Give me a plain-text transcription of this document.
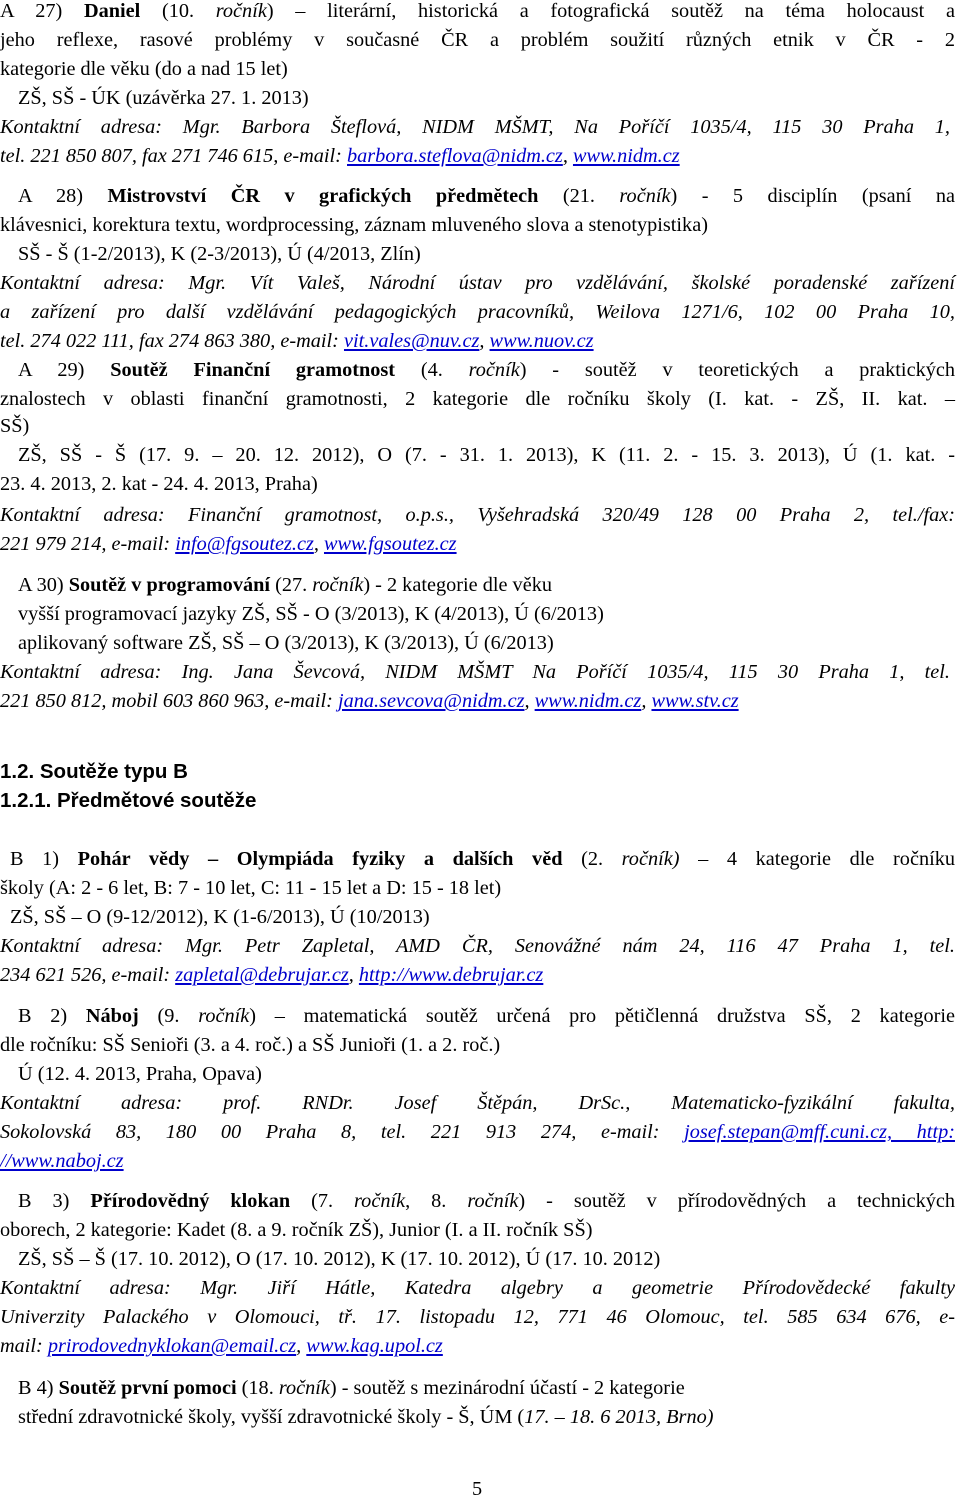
A 27) Daniel (10. ročník) – literární, historická a fotografická soutěž na téma holocaust a
jeho reflexe, rasové problémy v současné ČR a problém soužití různých etnik v ČR - 2
kategorie dle věku (do a nad 15 let)
ZŠ, SŠ - ÚK (uzávěrka 27. 1. 2013)
Kontaktní adresa: Mgr. Barbora Šteflová, NIDM MŠMT, Na Poříčí 1035/4, 115 30 Praha 1,
tel. 221 850 807, fax 271 746 615, e-mail: barbora.steflova@nidm.cz, www.nidm.cz
A 28) Mistrovství ČR v grafických předmětech (21. ročník) - 5 disciplín (psaní na
klávesnici, korektura textu, wordprocessing, záznam mluveného slova a stenotypistika)
SŠ - Š (1-2/2013), K (2-3/2013), Ú (4/2013, Zlín)
Kontaktní adresa: Mgr. Vít Valeš, Národní ústav pro vzdělávání, školské poradenské zařízení
a zařízení pro další vzdělávání pedagogických pracovníků, Weilova 1271/6, 102 00 Praha 10,
tel. 274 022 111, fax 274 863 380, e-mail: vit.vales@nuv.cz, www.nuov.cz
A 29) Soutěž Finanční gramotnost (4. ročník) - soutěž v teoretických a praktických
znalostech v oblasti finanční gramotnosti, 2 kategorie dle ročníku školy (I. kat. - ZŠ, II. kat. –
SŠ)
ZŠ, SŠ - Š (17. 9. – 20. 12. 2012), O (7. - 31. 1. 2013), K (11. 2. - 15. 3. 2013), Ú (1. kat. -
23. 4. 2013, 2. kat - 24. 4. 2013, Praha)
Kontaktní adresa: Finanční gramotnost, o.p.s., Vyšehradská 320/49 128 00 Praha 2, tel./fax:
221 979 214, e-mail: info@fgsoutez.cz, www.fgsoutez.cz
A 30) Soutěž v programování (27. ročník) - 2 kategorie dle věku
vyšší programovací jazyky ZŠ, SŠ - O (3/2013), K (4/2013), Ú (6/2013)
aplikovaný software ZŠ, SŠ – O (3/2013), K (3/2013), Ú (6/2013)
Kontaktní adresa: Ing. Jana Ševcová, NIDM MŠMT Na Poříčí 1035/4, 115 30 Praha 1, tel.
221 850 812, mobil 603 860 963, e-mail: jana.sevcova@nidm.cz, www.nidm.cz, www.stv.cz
1.2. Soutěže typu B
1.2.1. Předmětové soutěže
B 1) Pohár vědy – Olympiáda fyziky a dalších věd (2. ročník) – 4 kategorie dle ročníku
školy (A: 2 - 6 let, B: 7 - 10 let, C: 11 - 15 let a D: 15 - 18 let)
ZŠ, SŠ – O (9-12/2012), K (1-6/2013), Ú (10/2013)
Kontaktní adresa: Mgr. Petr Zapletal, AMD ČR, Senovážné nám 24, 116 47 Praha 1, tel.
234 621 526, e-mail: zapletal@debrujar.cz, http://www.debrujar.cz
B 2) Náboj (9. ročník) – matematická soutěž určená pro pětičlenná družstva SŠ, 2 kategorie
dle ročníku: SŠ Senioři (3. a 4. roč.) a SŠ Junioři (1. a 2. roč.)
Ú (12. 4. 2013, Praha, Opava)
Kontaktní adresa: prof. RNDr. Josef Štěpán, DrSc., Matematicko-fyzikální fakulta,
Sokolovská 83, 180 00 Praha 8, tel. 221 913 274, e-mail: josef.stepan@mff.cuni.cz, http:
//www.naboj.cz
B 3) Přírodovědný klokan (7. ročník, 8. ročník) - soutěž v přírodovědných a technických
oborech, 2 kategorie: Kadet (8. a 9. ročník ZŠ), Junior (I. a II. ročník SŠ)
ZŠ, SŠ – Š (17. 10. 2012), O (17. 10. 2012), K (17. 10. 2012), Ú (17. 10. 2012)
Kontaktní adresa: Mgr. Jiří Hátle, Katedra algebry a geometrie Přírodovědecké fakulty
Univerzity Palackého v Olomouci, tř. 17. listopadu 12, 771 46 Olomouc, tel. 585 634 676, e-
mail: prirodovednyklokan@email.cz, www.kag.upol.cz
B 4) Soutěž první pomoci (18. ročník) - soutěž s mezinárodní účastí - 2 kategorie
střední zdravotnické školy, vyšší zdravotnické školy - Š, ÚM (17. – 18. 6 2013, Brno)
5
